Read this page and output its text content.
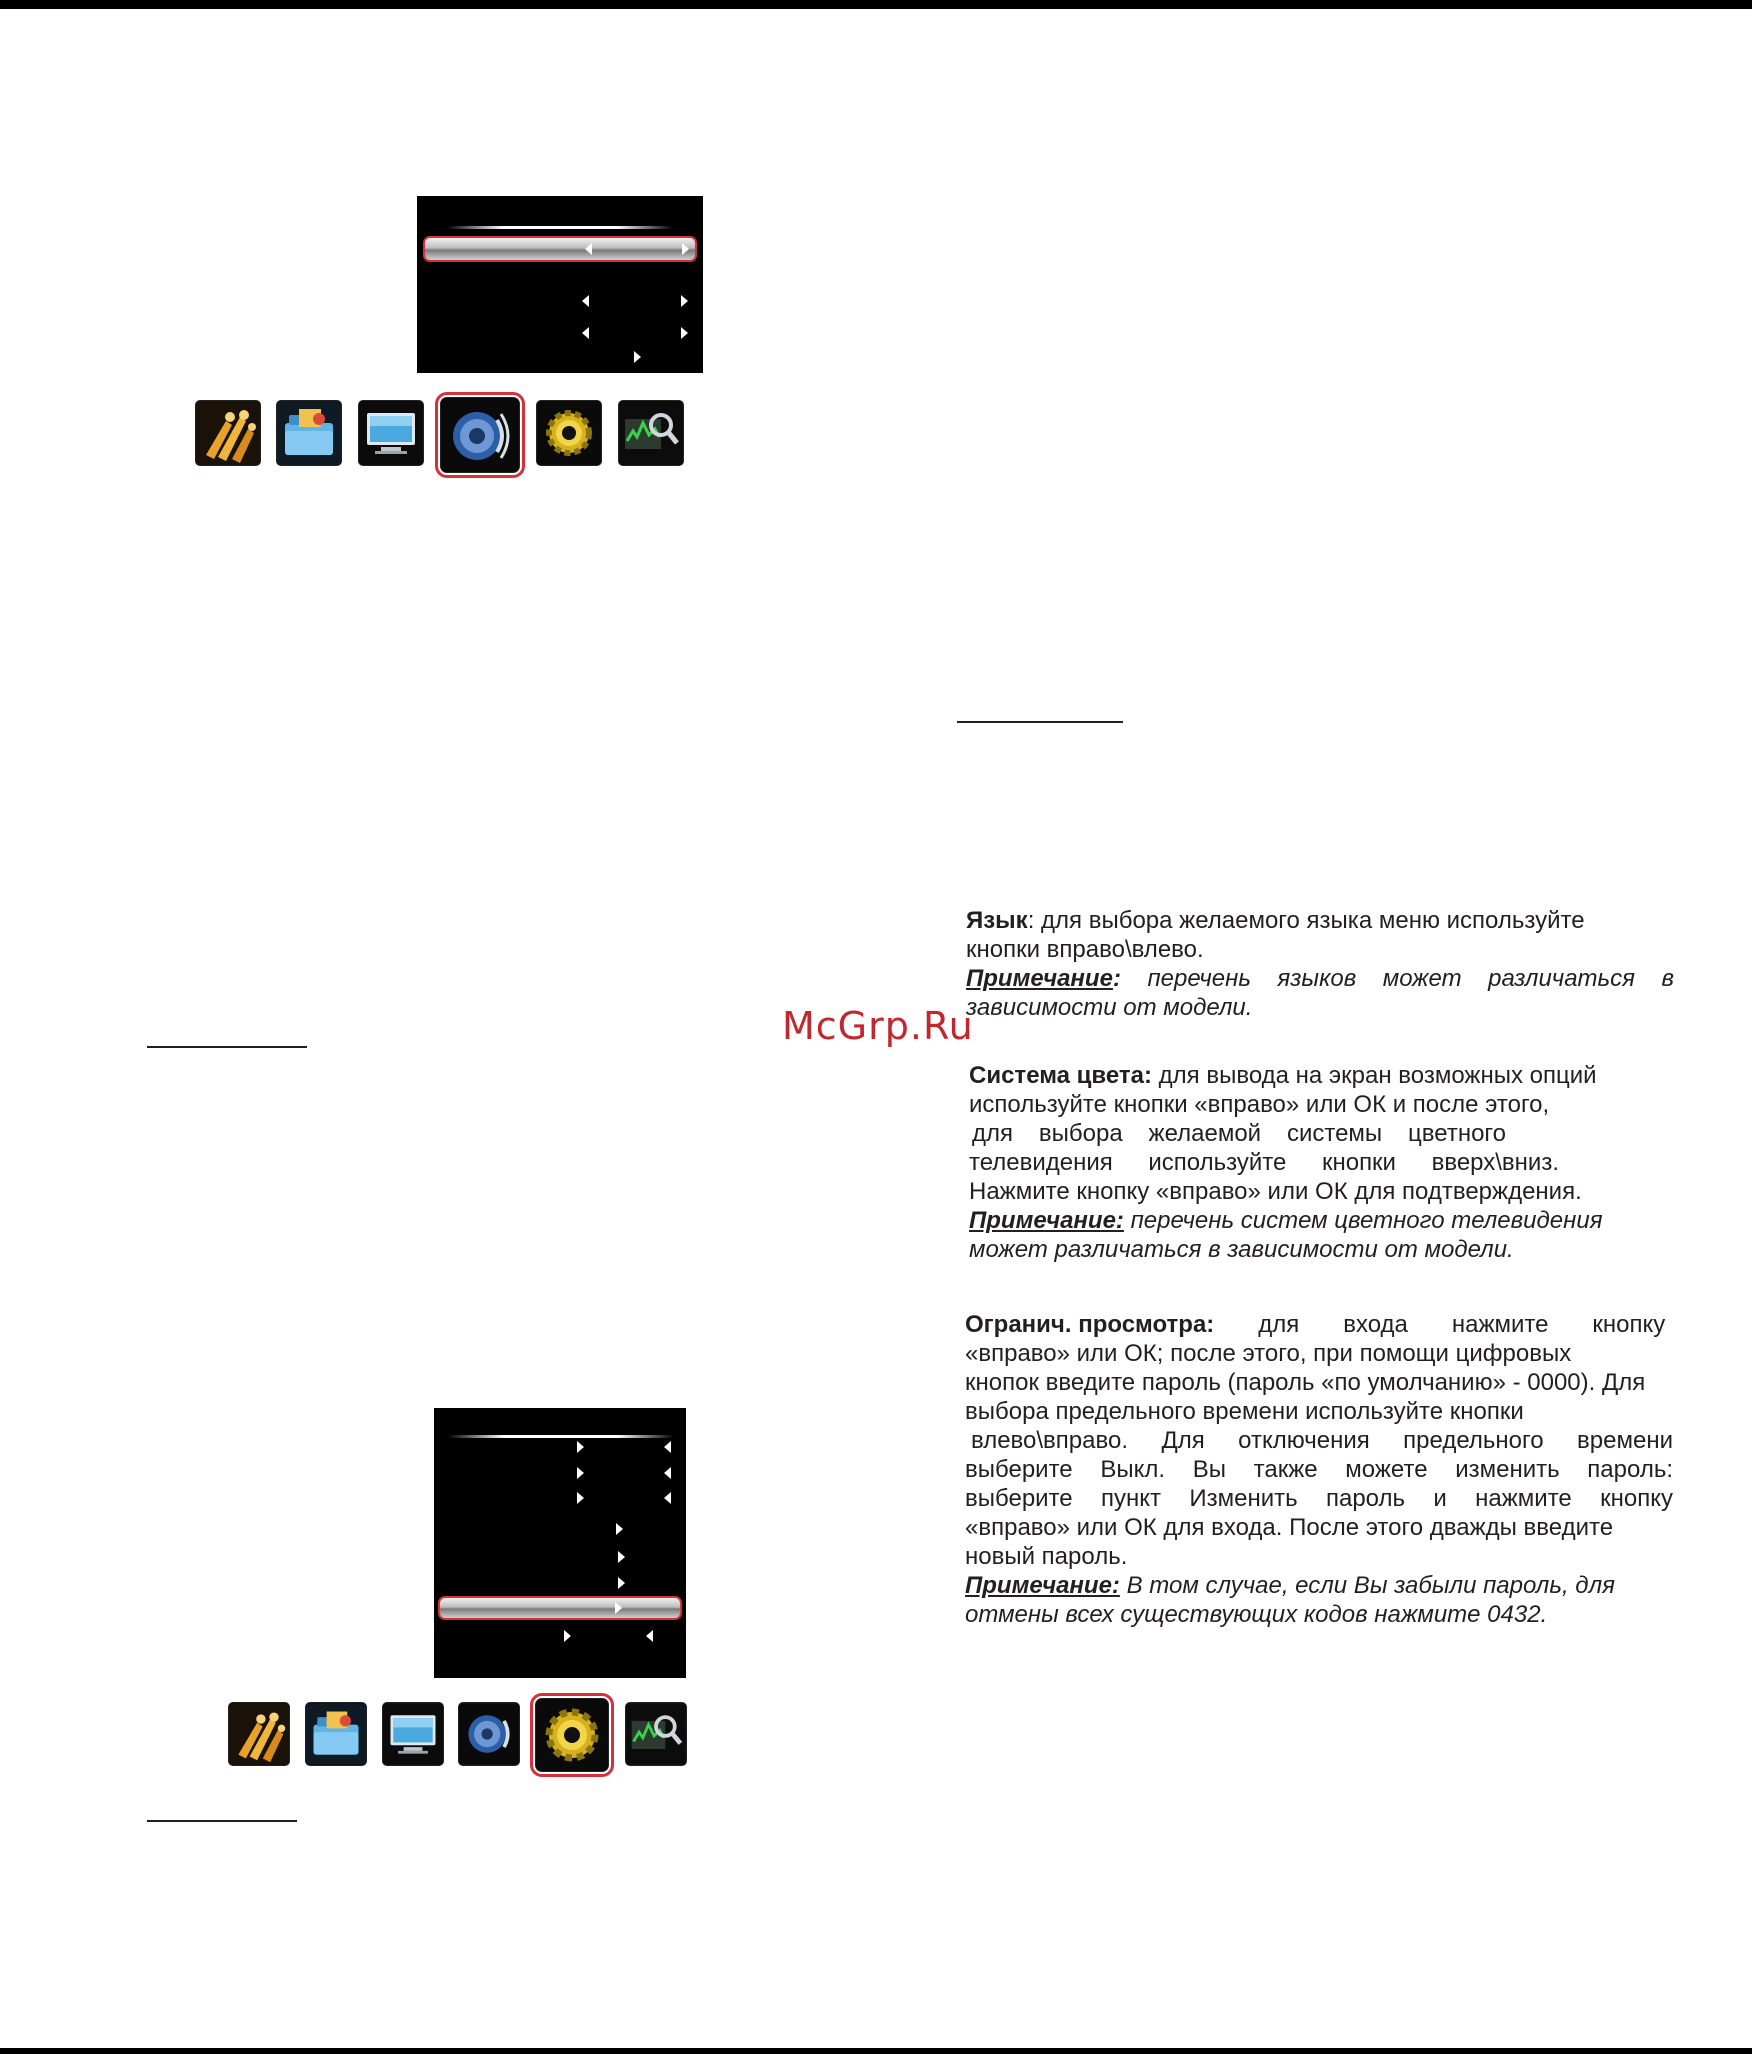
McGrp.Ru
Язык: для выбора желаемого языка меню используйте
кнопки вправо\влево.
Примечание: перечень языков может различаться в
зависимости от модели.
Система цвета: для вывода на экран возможных опций
используйте кнопки «вправо» или ОК и после этого,
для выбора желаемой системы цветного
телевидения используйте кнопки вверх\вниз.
Нажмите кнопку «вправо» или ОК для подтверждения.
Примечание: перечень систем цветного телевидения
может различаться в зависимости от модели.
Огранич. просмотра: для входа нажмите кнопку
«вправо» или ОК; после этого, при помощи цифровых
кнопок введите пароль (пароль «по умолчанию» - 0000). Для
выбора предельного времени используйте кнопки
влево\вправо. Для отключения предельного времени
выберите Выкл. Вы также можете изменить пароль:
выберите пункт Изменить пароль и нажмите кнопку
«вправо» или ОК для входа. После этого дважды введите
новый пароль.
Примечание: В том случае, если Вы забыли пароль, для
отмены всех существующих кодов нажмите 0432.
